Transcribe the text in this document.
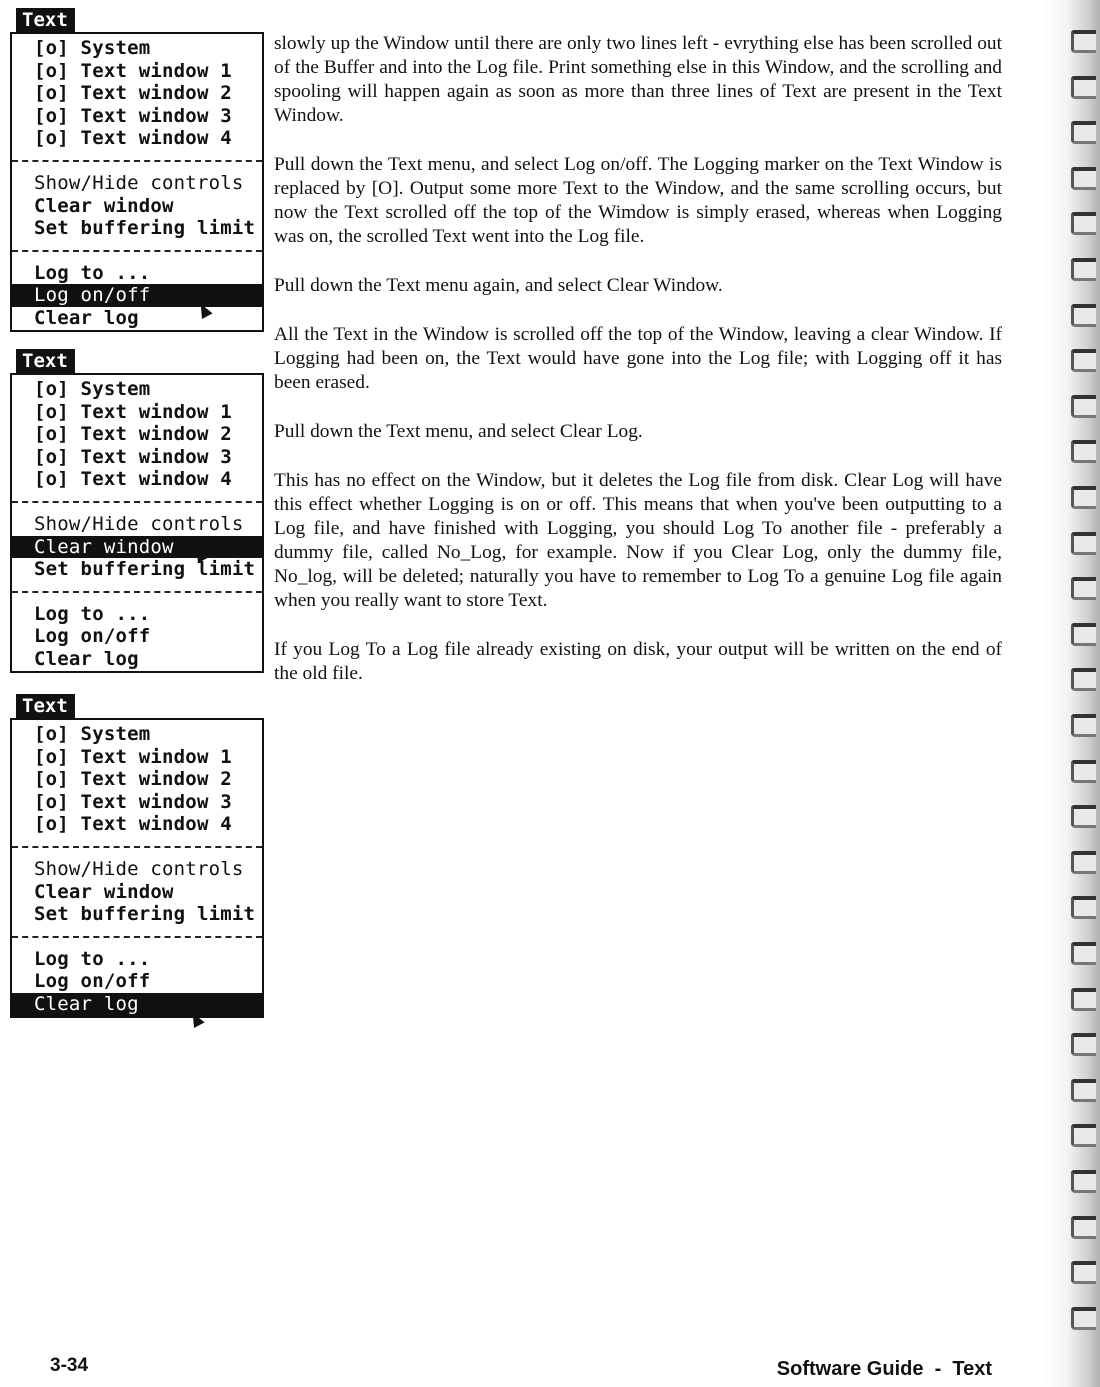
Text
[o] System
[o] Text window 1
[o] Text window 2
[o] Text window 3
[o] Text window 4
Show/Hide controls
Clear window
Set buffering limit
Log to ...
Log on/off
Clear log
Text
[o] System
[o] Text window 1
[o] Text window 2
[o] Text window 3
[o] Text window 4
Show/Hide controls
Clear window
Set buffering limit
Log to ...
Log on/off
Clear log
Text
[o] System
[o] Text window 1
[o] Text window 2
[o] Text window 3
[o] Text window 4
Show/Hide controls
Clear window
Set buffering limit
Log to ...
Log on/off
Clear log

slowly up the Window until there are only two lines left - evrything else has been scrolled out of the Buffer and into the Log file. Print something else in this Window, and the scrolling and spooling will happen again as soon as more than three lines of Text are present in the Text Window.

Pull down the Text menu, and select Log on/off. The Logging marker on the Text Window is replaced by [O]. Output some more Text to the Window, and the same scrolling occurs, but now the Text scrolled off the top of the Wimdow is simply erased, whereas when Logging was on, the scrolled Text went into the Log file.

Pull down the Text menu again, and select Clear Window.

All the Text in the Window is scrolled off the top of the Window, leaving a clear Window. If Logging had been on, the Text would have gone into the Log file; with Logging off it has been erased.

Pull down the Text menu, and select Clear Log.

This has no effect on the Window, but it deletes the Log file from disk. Clear Log will have this effect whether Logging is on or off. This means that when you've been outputting to a Log file, and have finished with Logging, you should Log To another file - preferably a dummy file, called No_Log, for example. Now if you Clear Log, only the dummy file, No_log, will be deleted; naturally you have to remember to Log To a genuine Log file again when you really want to store Text.

If you Log To a Log file already existing on disk, your output will be written on the end of the old file.

3-34	Software Guide  -  Text
